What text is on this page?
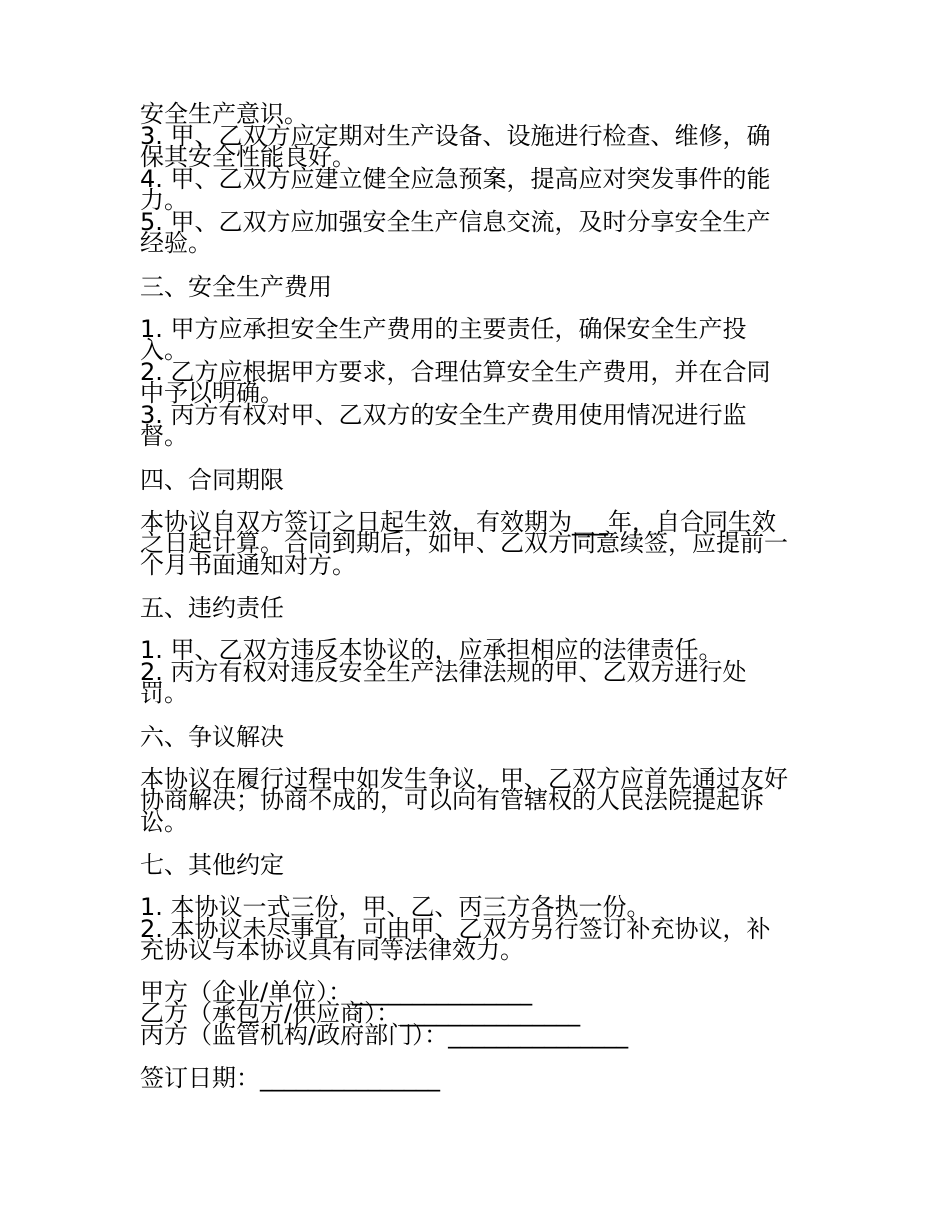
安全生产意识。
3. 甲、乙双方应定期对生产设备、设施进行检查、维修，确
保其安全性能良好。
4. 甲、乙双方应建立健全应急预案，提高应对突发事件的能
力。
5. 甲、乙双方应加强安全生产信息交流，及时分享安全生产
经验。

三、安全生产费用

1. 甲方应承担安全生产费用的主要责任，确保安全生产投
入。
2. 乙方应根据甲方要求，合理估算安全生产费用，并在合同
中予以明确。
3. 丙方有权对甲、乙双方的安全生产费用使用情况进行监
督。

四、合同期限

本协议自双方签订之日起生效，有效期为___年，自合同生效
之日起计算。合同到期后，如甲、乙双方同意续签，应提前一
个月书面通知对方。

五、违约责任

1. 甲、乙双方违反本协议的，应承担相应的法律责任。
2. 丙方有权对违反安全生产法律法规的甲、乙双方进行处
罚。

六、争议解决

本协议在履行过程中如发生争议，甲、乙双方应首先通过友好
协商解决；协商不成的，可以向有管辖权的人民法院提起诉
讼。

七、其他约定

1. 本协议一式三份，甲、乙、丙三方各执一份。
2. 本协议未尽事宜，可由甲、乙双方另行签订补充协议，补
充协议与本协议具有同等法律效力。

甲方（企业/单位）：_______________
乙方（承包方/供应商）：_______________
丙方（监管机构/政府部门）：_______________

签订日期：_______________
